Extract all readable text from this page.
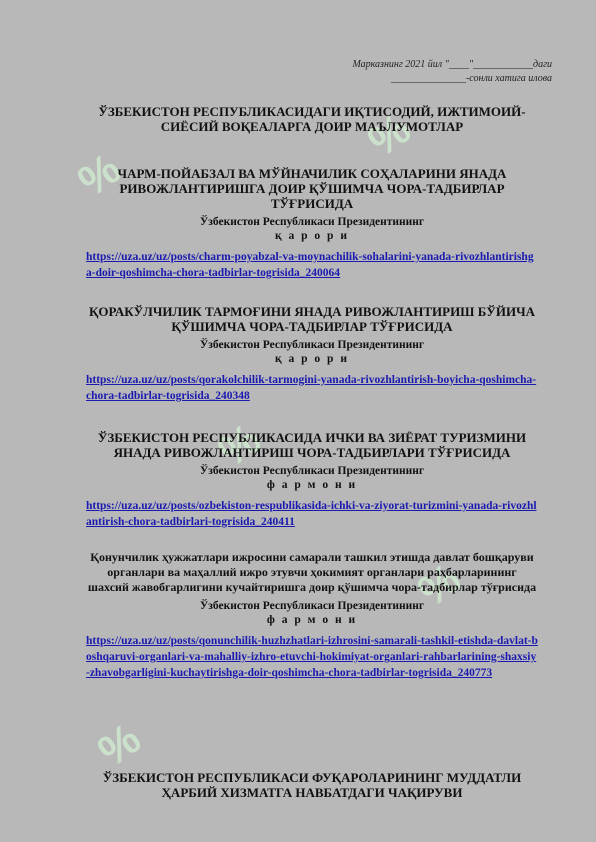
%
%
%
%
%
Марказнинг 2021 йил "____"____________даги
_______________-сонли хатига илова

ЎЗБЕКИСТОН РЕСПУБЛИКАСИДАГИ ИҚТИСОДИЙ, ИЖТИМОИЙ-СИЁСИЙ ВОҚЕАЛАРГА ДОИР МАЪЛУМОТЛАР

ЧАРМ-ПОЙАБЗАЛ ВА МЎЙНАЧИЛИК СОҲАЛАРИНИ ЯНАДА РИВОЖЛАНТИРИШГА ДОИР ҚЎШИМЧА ЧОРА-ТАДБИРЛАР ТЎҒРИСИДА

Ўзбекистон Республикаси Президентининг

қ а р о р и

https://uza.uz/uz/posts/charm-poyabzal-va-moynachilik-sohalarini-yanada-rivozhlantirishga-doir-qoshimcha-chora-tadbirlar-togrisida_240064

ҚОРАКЎЛЧИЛИК ТАРМОҒИНИ ЯНАДА РИВОЖЛАНТИРИШ БЎЙИЧА ҚЎШИМЧА ЧОРА-ТАДБИРЛАР ТЎҒРИСИДА

Ўзбекистон Республикаси Президентининг

қ а р о р и

https://uza.uz/uz/posts/qorakolchilik-tarmogini-yanada-rivozhlantirish-boyicha-qoshimcha-chora-tadbirlar-togrisida_240348

ЎЗБЕКИСТОН РЕСПУБЛИКАСИДА ИЧКИ ВА ЗИЁРАТ ТУРИЗМИНИ ЯНАДА РИВОЖЛАНТИРИШ ЧОРА-ТАДБИРЛАРИ ТЎҒРИСИДА

Ўзбекистон Республикаси Президентининг

ф а р м о н и

https://uza.uz/uz/posts/ozbekiston-respublikasida-ichki-va-ziyorat-turizmini-yanada-rivozhlantirish-chora-tadbirlari-togrisida_240411

Қонунчилик ҳужжатлари ижросини самарали ташкил этишда давлат бошқаруви органлари ва маҳаллий ижро этувчи ҳокимият органлари раҳбарларининг шахсий жавобгарлигини кучайтиришга доир қўшимча чора-тадбирлар тўғрисида

Ўзбекистон Республикаси Президентининг

ф а р м о н и

https://uza.uz/uz/posts/qonunchilik-huzhzhatlari-izhrosini-samarali-tashkil-etishda-davlat-boshqaruvi-organlari-va-mahalliy-izhro-etuvchi-hokimiyat-organlari-rahbarlarining-shaxsiy-zhavobgarligini-kuchaytirishga-doir-qoshimcha-chora-tadbirlar-togrisida_240773

ЎЗБЕКИСТОН РЕСПУБЛИКАСИ ФУҚАРОЛАРИНИНГ МУДДАТЛИ ҲАРБИЙ ХИЗМАТГА НАВБАТДАГИ ЧАҚИРУВИ
